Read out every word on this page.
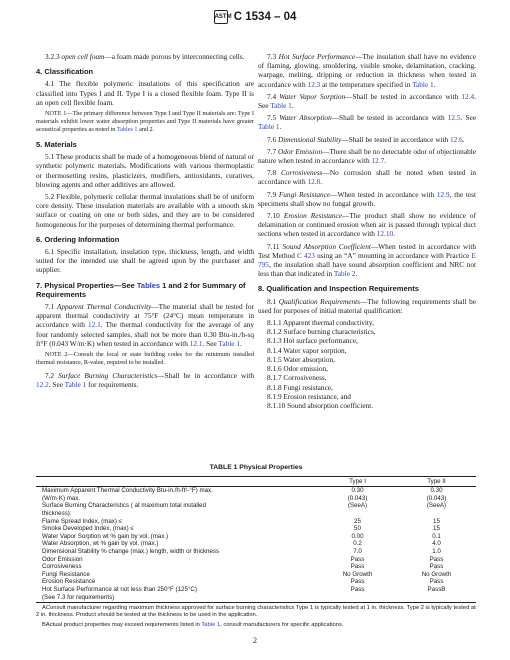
ASTM C 1534 – 04

3.2.3 open cell foam—a foam made porous by interconnecting cells.

4. Classification

4.1 The flexible polymeric insulations of this specification are classified into Types I and II. Type I is a closed flexible foam. Type II is an open cell flexible foam.

NOTE 1—The primary difference between Type I and Type II materials are: Type I materials exhibit lower water absorption properties and Type II materials have greater acoustical properties as noted in Tables 1 and 2.

5. Materials

5.1 These products shall be made of a homogeneous blend of natural or synthetic polymeric materials. Modifications with various thermoplastic or thermosetting resins, plasticizers, modifiers, antioxidants, curatives, blowing agents and other additives are allowed.

5.2 Flexible, polymeric cellular thermal insulations shall be of uniform core density. These insulation materials are available with a smooth skin surface or coating on one or both sides, and they are to be considered homogeneous for the purposes of determining thermal performance.

6. Ordering Information

6.1 Specific installation, insulation type, thickness, length, and width suited for the intended use shall be agreed upon by the purchaser and supplier.

7. Physical Properties—See Tables 1 and 2 for Summary of Requirements

7.1 Apparent Thermal Conductivity—The material shall be tested for apparent thermal conductivity at 75°F (24°C) mean temperature in accordance with 12.1. The thermal conductivity for the average of any four randomly selected samples, shall not be more than 0.30 Btu-in./h-sq ft°F (0.043 W/m·K) when tested in accordance with 12.1. See Table 1.

NOTE 2—Consult the local or state building codes for the minimum installed thermal resistance, R-value, required to be installed.

7.2 Surface Burning Characteristics—Shall be in accordance with 12.2. See Table 1 for requirements.

7.3 Hot Surface Performance—The insulation shall have no evidence of flaming, glowing, smoldering, visible smoke, delamination, cracking, warpage, melting, dripping or reduction in thickness when tested in accordance with 12.3 at the temperature specified in Table 1.

7.4 Water Vapor Sorption—Shall be tested in accordance with 12.4. See Table 1.

7.5 Water Absorption—Shall be tested in accordance with 12.5. See Table 1.

7.6 Dimensional Stability—Shall be tested in accordance with 12.6.

7.7 Odor Emission—There shall be no detectable odor of objectionable nature when tested in accordance with 12.7.

7.8 Corrosiveness—No corrosion shall be noted when tested in accordance with 12.8.

7.9 Fungi Resistance—When tested in accordance with 12.9, the test specimens shall show no fungal growth.

7.10 Erosion Resistance—The product shall show no evidence of delamination or continued erosion when air is passed through typical duct sections when tested in accordance with 12.10.

7.11 Sound Absorption Coefficient—When tested in accordance with Test Method C 423 using an “A” mounting in accordance with Practice E 795, the insulation shall have sound absorption coefficient and NRC not less than that indicated in Table 2.

8. Qualification and Inspection Requirements

8.1 Qualification Requirements—The following requirements shall be used for purposes of initial material qualification:

8.1.1 Apparent thermal conductivity,

8.1.2 Surface burning characteristics,

8.1.3 Hot surface performance,

8.1.4 Water vapor sorption,

8.1.5 Water absorption,

8.1.6 Odor emission,

8.1.7 Corrosiveness,

8.1.8 Fungi resistance,

8.1.9 Erosion resistance, and

8.1.10 Sound absorption coefficient.

TABLE 1 Physical Properties
	Type I	Type II
Maximum Apparent Thermal Conductivity Btu-in./h-ft²-°F) max.	0.30	0.30
(W/m·K) max.	(0.043)	(0.043)
Surface Burning Characteristics ( at maximum total installed	(SeeA)	(SeeA)
thickness):		
Flame Spread Index, (max) ≤	25	15
Smoke Developed Index, (max) ≤	50	15
Water Vapor Sorption wt % gain by vol. (max.)	0.00	0.1
Water Absorption, wt % gain by vol. (max.)	0.2	4.0
Dimensional Stability % change (max.) length, width or thickness	7.0	1.0
Odor Emission	Pass	Pass
Corrosiveness	Pass	Pass
Fungi Resistance	No Growth	No Growth
Erosion Resistance	Pass	Pass
Hot Surface Performance at not less than 250°F (125°C)	Pass	PassB
(See 7.3 for requirements)		
AConsult manufacturer regarding maximum thickness approved for surface burning characteristics Type 1 is typically tested at 1 in. thickness. Type 2 is typically tested at 2 in. thickness. Product should be tested at the thickness to be used in the application.
BActual product properties may exceed requirements listed in Table 1, consult manufacturers for specific applications.
2
